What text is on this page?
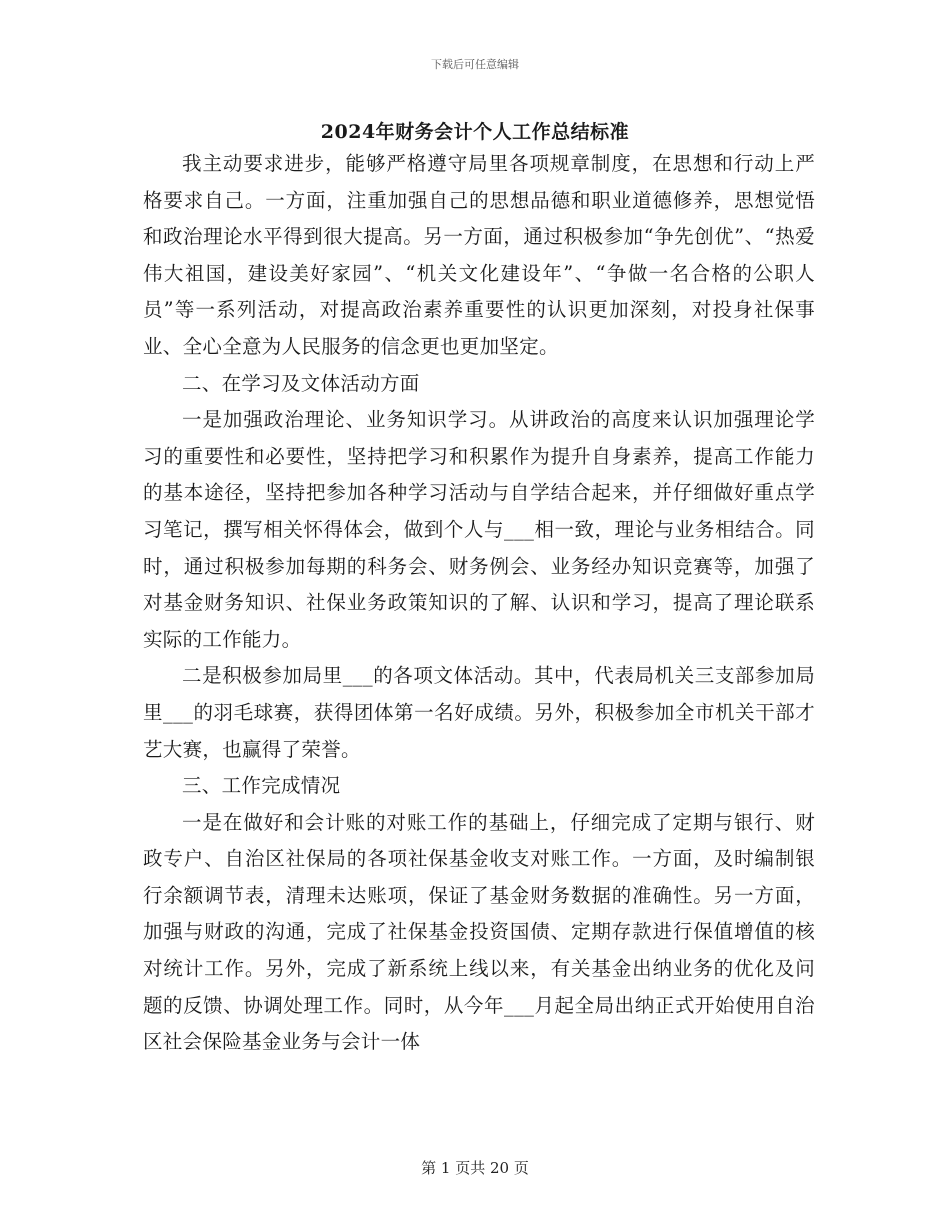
下载后可任意编辑
2024年财务会计个人工作总结标准

我主动要求进步，能够严格遵守局里各项规章制度，在思想和行动上严格要求自己。一方面，注重加强自己的思想品德和职业道德修养，思想觉悟和政治理论水平得到很大提高。另一方面，通过积极参加“争先创优”、“热爱伟大祖国，建设美好家园”、“机关文化建设年”、“争做一名合格的公职人员”等一系列活动，对提高政治素养重要性的认识更加深刻，对投身社保事业、全心全意为人民服务的信念更也更加坚定。

二、在学习及文体活动方面

一是加强政治理论、业务知识学习。从讲政治的高度来认识加强理论学习的重要性和必要性，坚持把学习和积累作为提升自身素养，提高工作能力的基本途径，坚持把参加各种学习活动与自学结合起来，并仔细做好重点学习笔记，撰写相关怀得体会，做到个人与___相一致，理论与业务相结合。同时，通过积极参加每期的科务会、财务例会、业务经办知识竞赛等，加强了对基金财务知识、社保业务政策知识的了解、认识和学习，提高了理论联系实际的工作能力。

二是积极参加局里___的各项文体活动。其中，代表局机关三支部参加局里___的羽毛球赛，获得团体第一名好成绩。另外，积极参加全市机关干部才艺大赛，也赢得了荣誉。

三、工作完成情况

一是在做好和会计账的对账工作的基础上，仔细完成了定期与银行、财政专户、自治区社保局的各项社保基金收支对账工作。一方面，及时编制银行余额调节表，清理未达账项，保证了基金财务数据的准确性。另一方面，加强与财政的沟通，完成了社保基金投资国债、定期存款进行保值增值的核对统计工作。另外，完成了新系统上线以来，有关基金出纳业务的优化及问题的反馈、协调处理工作。同时，从今年___月起全局出纳正式开始使用自治区社会保险基金业务与会计一体

第 1 页共 20 页
